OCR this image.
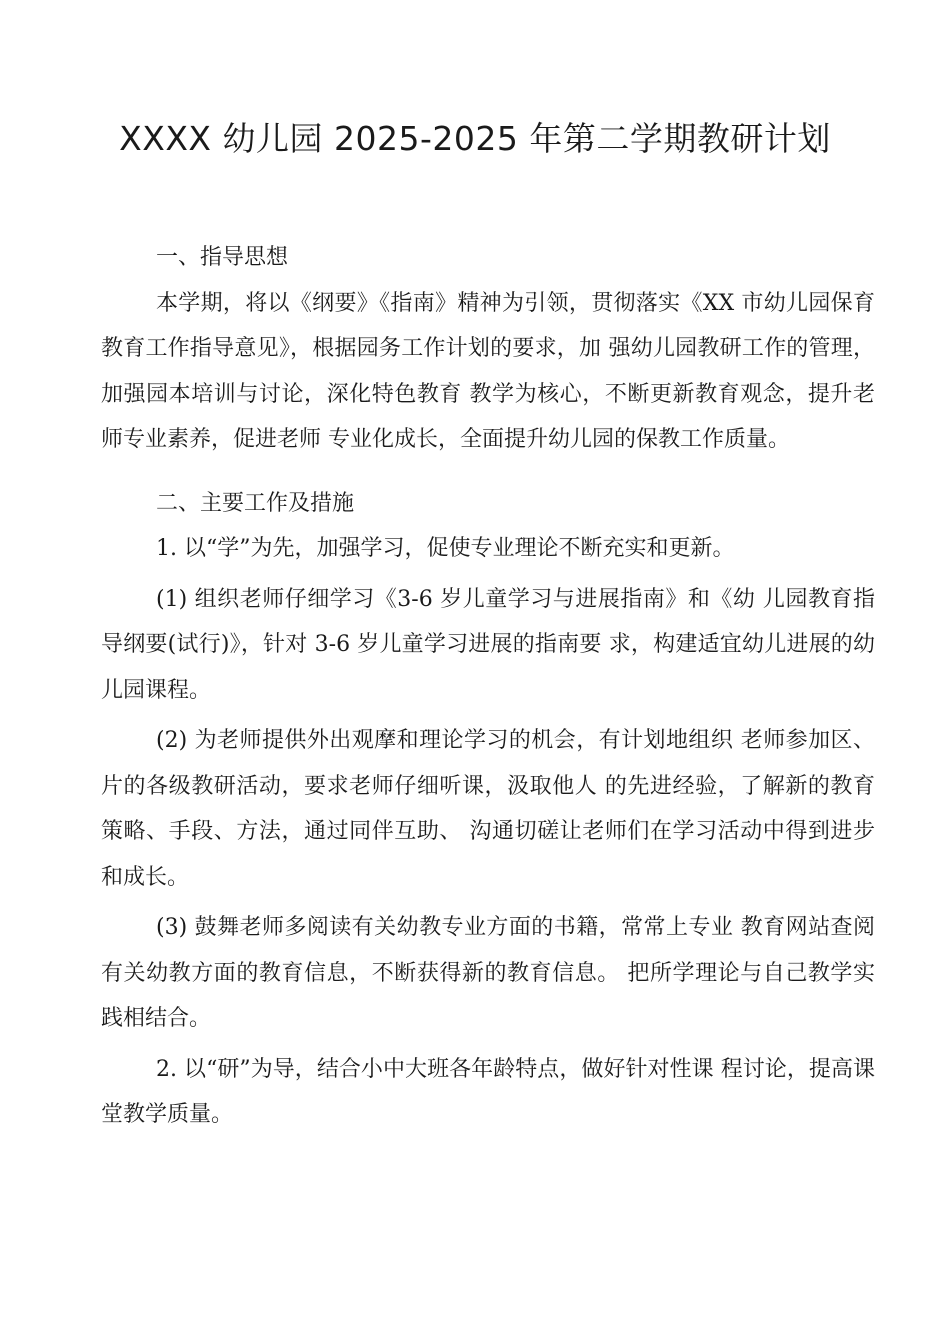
XXXX 幼儿园 2025-2025 年第二学期教研计划

一、指导思想

本学期，将以《纲要》《指南》精神为引领，贯彻落实《XX 市幼儿园保育教育工作指导意见》，根据园务工作计划的要求，加 强幼儿园教研工作的管理，加强园本培训与讨论，深化特色教育 教学为核心，不断更新教育观念，提升老师专业素养，促进老师 专业化成长，全面提升幼儿园的保教工作质量。

二、主要工作及措施

1. 以“学”为先，加强学习，促使专业理论不断充实和更新。

(1) 组织老师仔细学习《3-6 岁儿童学习与进展指南》和《幼 儿园教育指导纲要(试行)》，针对 3-6 岁儿童学习进展的指南要 求，构建适宜幼儿进展的幼儿园课程。

(2) 为老师提供外出观摩和理论学习的机会，有计划地组织 老师参加区、片的各级教研活动，要求老师仔细听课，汲取他人 的先进经验，了解新的教育策略、手段、方法，通过同伴互助、 沟通切磋让老师们在学习活动中得到进步和成长。

(3) 鼓舞老师多阅读有关幼教专业方面的书籍，常常上专业 教育网站查阅有关幼教方面的教育信息，不断获得新的教育信息。 把所学理论与自己教学实践相结合。

2. 以“研”为导，结合小中大班各年龄特点，做好针对性课 程讨论，提高课堂教学质量。
